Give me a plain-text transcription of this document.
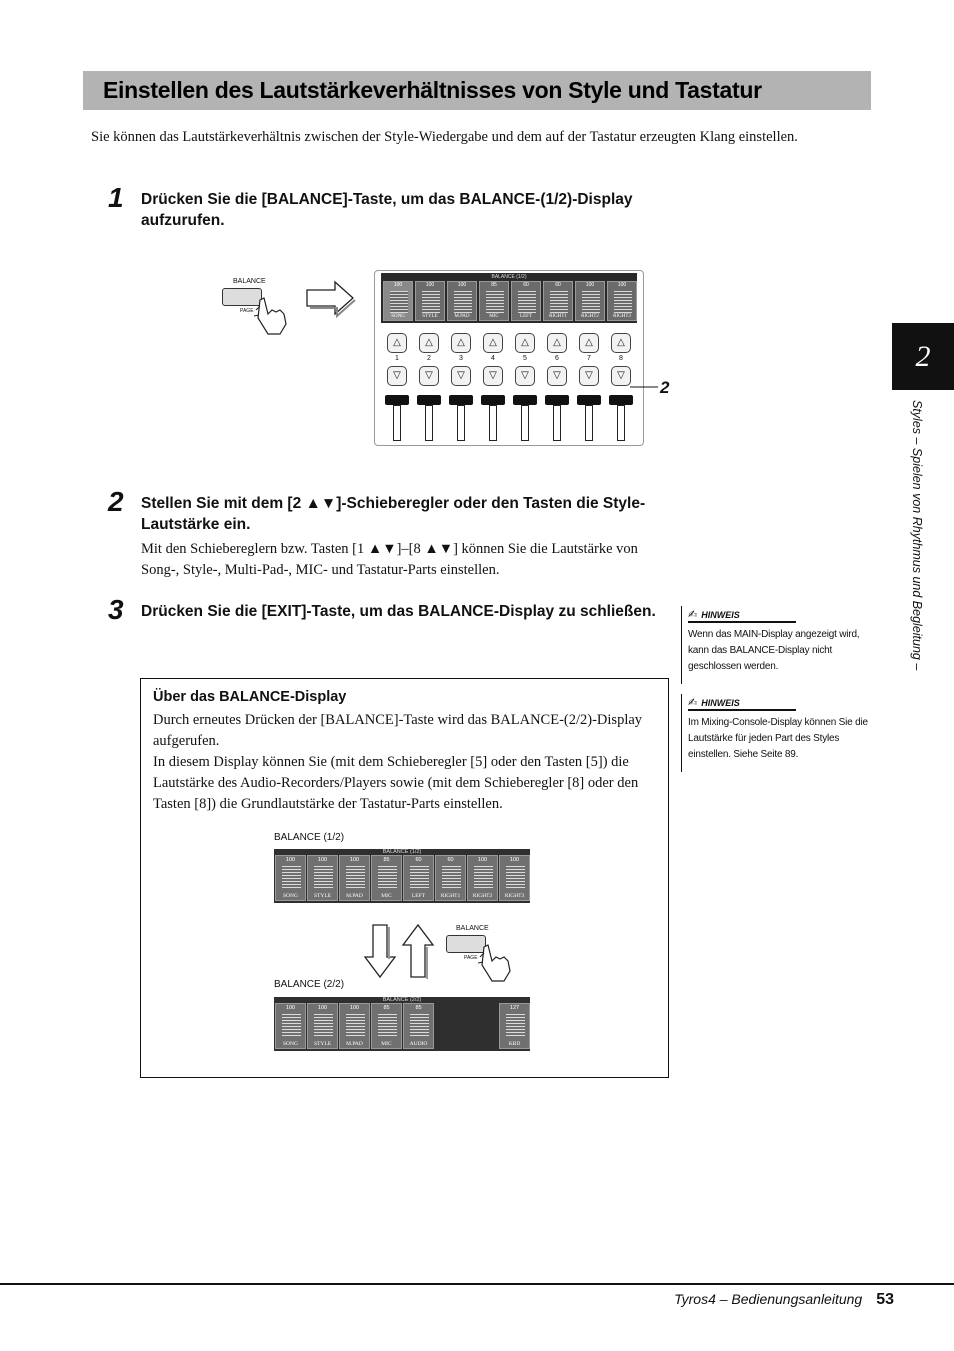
Einstellen des Lautstärkeverhältnisses von Style und Tastatur
Sie können das Lautstärkeverhältnis zwischen der Style-Wiedergabe und dem auf der Tastatur erzeugten Klang einstellen.
1 Drücken Sie die [BALANCE]-Taste, um das BALANCE-(1/2)-Display aufzurufen.
BALANCE
PAGE
BALANCE (1/2)
100
SONG
100
STYLE
100
M.PAD
85
MIC
60
LEFT
60
RIGHT1
100
RIGHT2
100
RIGHT3
△
1
▽
△
2
▽
△
3
▽
△
4
▽
△
5
▽
△
6
▽
△
7
▽
△
8
▽
2
2 Stellen Sie mit dem [2 ▲▼]-Schieberegler oder den Tasten die Style-Lautstärke ein.
Mit den Schiebereglern bzw. Tasten [1 ▲▼]–[8 ▲▼] können Sie die Lautstärke von Song-, Style-, Multi-Pad-, MIC- und Tastatur-Parts einstellen.
3 Drücken Sie die [EXIT]-Taste, um das BALANCE-Display zu schließen.	✍ HINWEIS
Wenn das MAIN-Display angezeigt wird, kann das BALANCE-Display nicht geschlossen werden.
✍ HINWEIS
Im Mixing-Console-Display können Sie die Lautstärke für jeden Part des Styles einstellen. Siehe Seite 89.
Über das BALANCE-Display
Durch erneutes Drücken der [BALANCE]-Taste wird das BALANCE-(2/2)-Display aufgerufen.
In diesem Display können Sie (mit dem Schieberegler [5] oder den Tasten [5]) die Lautstärke des Audio-Recorders/Players sowie (mit dem Schieberegler [8] oder den Tasten [8]) die Grundlautstärke der Tastatur-Parts einstellen.
BALANCE (1/2)
BALANCE (1/2)
100
SONG
100
STYLE
100
M.PAD
85
MIC
60
LEFT
60
RIGHT1
100
RIGHT2
100
RIGHT3
BALANCE
PAGE
BALANCE (2/2)
BALANCE (2/2)
100
SONG
100
STYLE
100
M.PAD
85
MIC
85
AUDIO
127
KBD
2
Styles – Spielen von Rhythmus und Begleitung –
Tyros4 – Bedienungsanleitung 53
